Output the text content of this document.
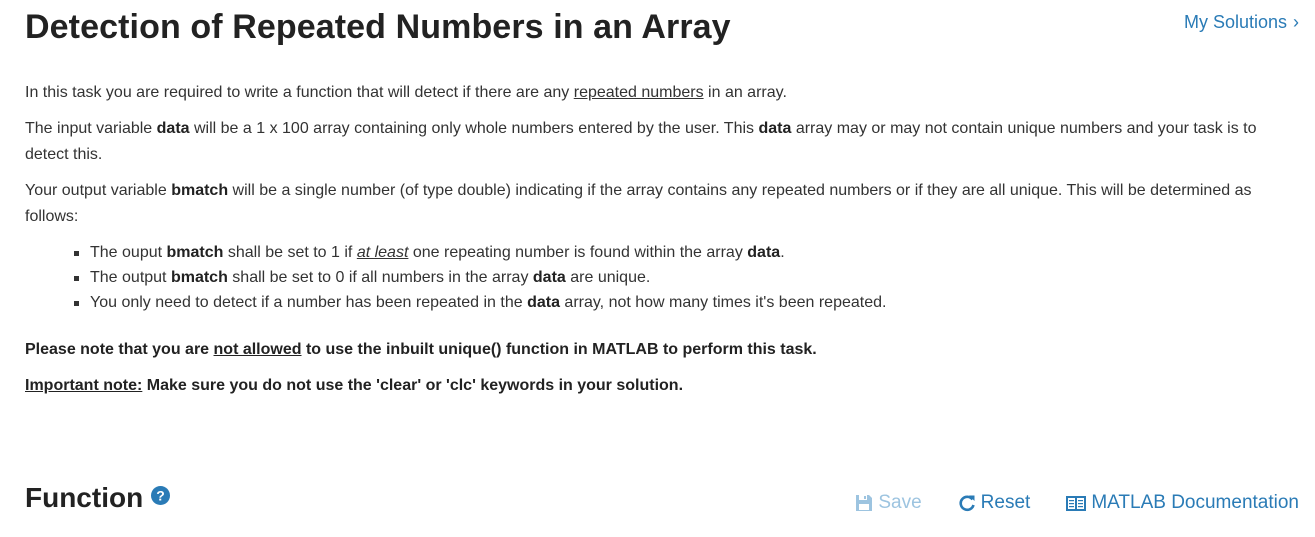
Detection of Repeated Numbers in an Array	My Solutions ›

In this task you are required to write a function that will detect if there are any repeated numbers in an array.

The input variable data will be a 1 x 100 array containing only whole numbers entered by the user. This data array may or may not contain unique numbers and your task is to detect this.

Your output variable bmatch will be a single number (of type double) indicating if the array contains any repeated numbers or if they are all unique. This will be determined as follows:

The ouput bmatch shall be set to 1 if at least one repeating number is found within the array data.
The output bmatch shall be set to 0 if all numbers in the array data are unique.
You only need to detect if a number has been repeated in the data array, not how many times it's been repeated.

Please note that you are not allowed to use the inbuilt unique() function in MATLAB to perform this task.

Important note: Make sure you do not use the 'clear' or 'clc' keywords in your solution.

Function ?	Save	Reset	MATLAB Documentation
